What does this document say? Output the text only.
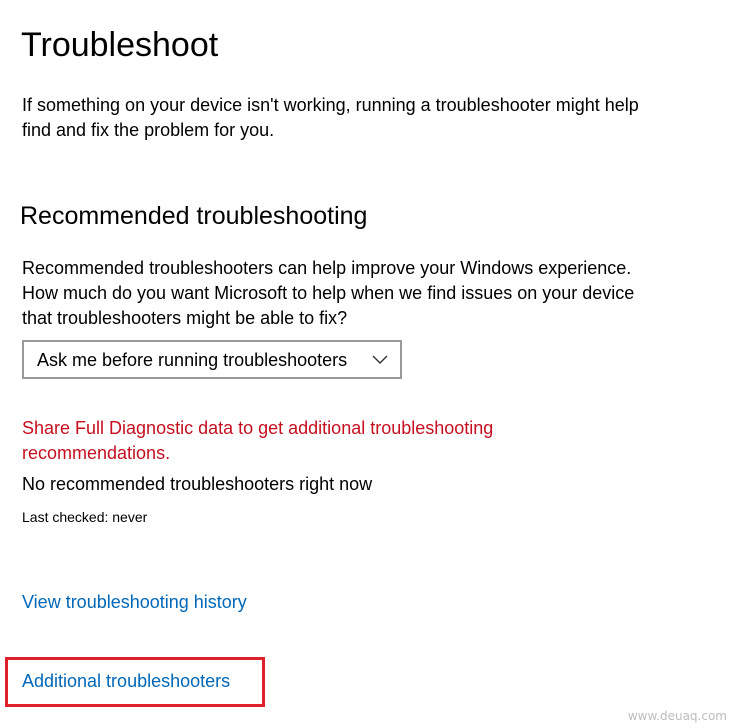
Troubleshoot

If something on your device isn't working, running a troubleshooter might help find and fix the problem for you.

Recommended troubleshooting

Recommended troubleshooters can help improve your Windows experience. How much do you want Microsoft to help when we find issues on your device that troubleshooters might be able to fix?

Ask me before running troubleshooters

Share Full Diagnostic data to get additional troubleshooting recommendations.

No recommended troubleshooters right now

Last checked: never

View troubleshooting history

Additional troubleshooters

www.deuaq.com
